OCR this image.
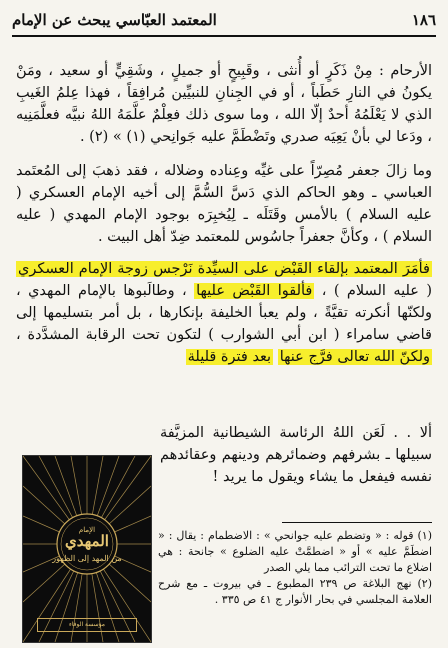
١٨٦
المعتمد العبّاسي يبحث عن الإمام

الأرحام : مِنْ ذَكَرٍ أو أُنثى ، وقَبِيحٍ أو جميلٍ ، وشَقِيٍّ أو سعيد ، ومَنْ يكونُ في النارِ حَطَباً ، أو في الجِنانِ للنبيِّين مُرافِقاً ، فهذا عِلمُ الغَيبِ الذي لا يَعْلَمُهُ أحدٌ إلّا الله ، وما سوى ذلك فعِلْمٌ علَّمَهُ اللهُ نبيَّه فعلَّمَنِيه ، ودَعا لي بأنْ يَعِيَه صدري وتَضْطَمَّ عليه جَوانِحي (١) » (٢) .

وما زالَ جعفر مُصِرّاً على غيِّه وعِناده وضلاله ، فقد ذهبَ إلى المُعتَمد العباسي ـ وهو الحاكم الذي دَسَّ السُّمَّ إلى أخيه الإمام العسكري ( عليه السلام ) بالأمس وقَتَلَه ـ لِيُخبِرَه بوجود الإمام المهدي ( عليه السلام ) ، وكأنَّ جعفراً جاسُوس للمعتمد ضِدّ أهل البيت .

فأمَرَ المعتمد بإلقاء القَبْض على السيِّدة نَرْجس زوجة الإمام العسكري ( عليه السلام ) ، فألقوا القَبْض عليها ، وطالَبوها بالإمام المهدي ، ولكنّها أنكرته تقيَّةً ، ولم يعبأ الخليفة بإنكارها ، بل أمر بتسليمها إلى قاضي سامراء ( ابن أبي الشوارب ) لتكون تحت الرقابة المشدَّدة ، ولكنّ الله تعالى فرَّج عنها بعد فترة قليلة

ألا . . لَعَن اللهُ الرئاسة الشيطانية المزيَّفة سبيلها ـ بشرفهم وضمائرهم ودينهم وعقائدهم نفسه فيفعل ما يشاء ويقول ما يريد !

الإمام
المهدي
من المهد إلى الظهور
مؤسسة الوفاء
(١) قوله : « وتضطم عليه جوانحي » : الاضطمام : يقال : « اضطَمَّ عليه » أو « اضطمَّتْ عليه الضلوع » جانحة : هي اضلاع ما تحت الترائب مما يلي الصدر
(٢) نهج البلاغة ص ٢٣٩ المطبوع ـ في بيروت ـ مع شرح العلامة المجلسي في بحار الأنوار ج ٤١ ص ٣٣٥ .
